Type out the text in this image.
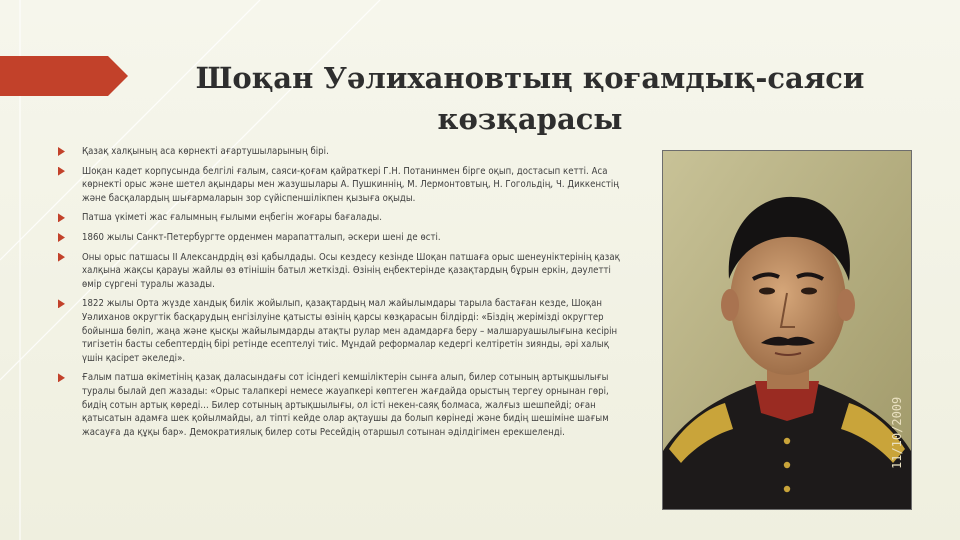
Шоқан Уәлихановтың қоғамдық-саяси көзқарасы
Қазақ халқының аса көрнекті ағартушыларының бірі.
Шоқан кадет корпусында белгілі ғалым, саяси-қоғам қайраткері Г.Н. Потанинмен бірге оқып, достасып кетті. Аса көрнекті орыс және шетел ақындары мен жазушылары А. Пушкиннің, М. Лермонтовтың, Н. Гогольдің, Ч. Диккенстің және басқалардың шығармаларын зор сүйіспеншілікпен қызыға оқыды.
Патша үкіметі жас ғалымның ғылыми еңбегін жоғары бағалады.
1860 жылы Санкт-Петербургте орденмен марапатталып, әскери шені де өсті.
Оны орыс патшасы II Александрдің өзі қабылдады. Осы кездесу кезінде Шоқан патшаға орыс шенеуніктерінің қазақ халқына жақсы қарауы жайлы өз өтінішін батыл жеткізді. Өзінің еңбектерінде қазақтардың бұрын еркін, дәулетті өмір сүргені туралы жазады.
1822 жылы Орта жүзде хандық билік жойылып, қазақтардың мал жайылымдары тарыла бастаған кезде, Шоқан Уәлиханов округтік басқарудың енгізілуіне қатысты өзінің қарсы көзқарасын білдірді: «Біздің жерімізді округтер бойынша бөліп, жаңа және қысқы жайылымдарды атақты рулар мен адамдарға беру – малшаруашылығына кесірін тигізетін басты себептердің бірі ретінде есептелуі тиіс. Мұндай реформалар кедергі келтіретін зиянды, әрі халық үшін қасірет әкеледі».
Ғалым патша өкіметінің қазақ даласындағы сот ісіндегі кемшіліктерін сынға алып, билер сотының артықшылығы туралы былай деп жазады: «Орыс талапкері немесе жауапкері көптеген жағдайда орыстың тергеу орнынан гөрі, бидің сотын артық көреді… Билер сотының артықшылығы, ол істі некен-саяқ болмаса, жалғыз шешпейді; оған қатысатын адамға шек қойылмайды, ал тіпті кейде олар ақтаушы да болып көрінеді және бидің шешіміне шағым жасауға да құқы бар». Демократиялық билер соты Ресейдің отаршыл сотынан әділдігімен ерекшеленді.	11/10/2009
